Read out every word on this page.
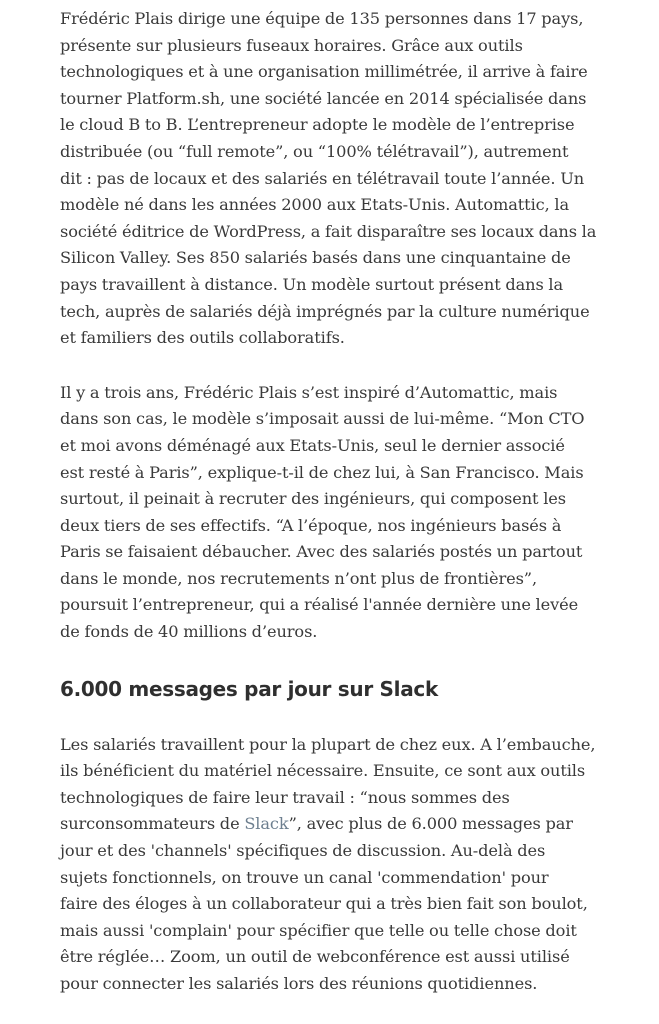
Frédéric Plais dirige une équipe de 135 personnes dans 17 pays,
présente sur plusieurs fuseaux horaires. Grâce aux outils
technologiques et à une organisation millimétrée, il arrive à faire
tourner Platform.sh, une société lancée en 2014 spécialisée dans
le cloud B to B. L’entrepreneur adopte le modèle de l’entreprise
distribuée (ou “full remote”, ou “100% télétravail”), autrement
dit : pas de locaux et des salariés en télétravail toute l’année. Un
modèle né dans les années 2000 aux Etats-Unis. Automattic, la
société éditrice de WordPress, a fait disparaître ses locaux dans la
Silicon Valley. Ses 850 salariés basés dans une cinquantaine de
pays travaillent à distance. Un modèle surtout présent dans la
tech, auprès de salariés déjà imprégnés par la culture numérique
et familiers des outils collaboratifs.

Il y a trois ans, Frédéric Plais s’est inspiré d’Automattic, mais
dans son cas, le modèle s’imposait aussi de lui-même. “Mon CTO
et moi avons déménagé aux Etats-Unis, seul le dernier associé
est resté à Paris”, explique-t-il de chez lui, à San Francisco. Mais
surtout, il peinait à recruter des ingénieurs, qui composent les
deux tiers de ses effectifs. “A l’époque, nos ingénieurs basés à
Paris se faisaient débaucher. Avec des salariés postés un partout
dans le monde, nos recrutements n’ont plus de frontières”,
poursuit l’entrepreneur, qui a réalisé l'année dernière une levée
de fonds de 40 millions d’euros.

6.000 messages par jour sur Slack

Les salariés travaillent pour la plupart de chez eux. A l’embauche,
ils bénéficient du matériel nécessaire. Ensuite, ce sont aux outils
technologiques de faire leur travail : “nous sommes des
surconsommateurs de Slack”, avec plus de 6.000 messages par
jour et des 'channels' spécifiques de discussion. Au-delà des
sujets fonctionnels, on trouve un canal 'commendation' pour
faire des éloges à un collaborateur qui a très bien fait son boulot,
mais aussi 'complain' pour spécifier que telle ou telle chose doit
être réglée… Zoom, un outil de webconférence est aussi utilisé
pour connecter les salariés lors des réunions quotidiennes.
